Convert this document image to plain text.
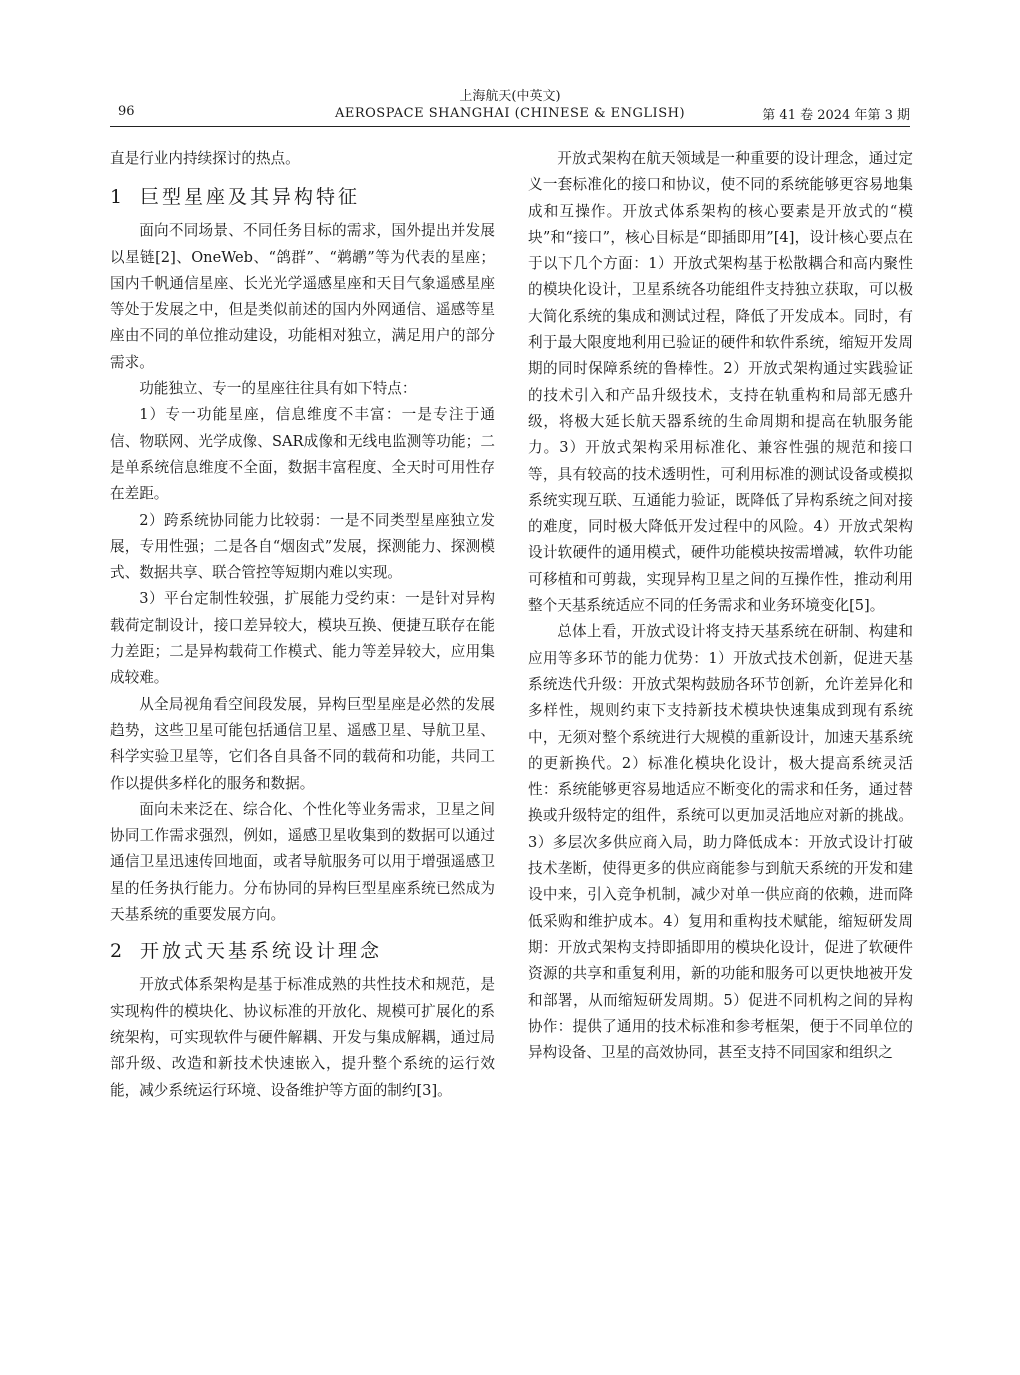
96
上海航天(中英文)
AEROSPACE SHANGHAI (CHINESE & ENGLISH)	第 41 卷 2024 年第 3 期

直是行业内持续探讨的热点。

1 巨型星座及其异构特征

面向不同场景、不同任务目标的需求，国外提出并发展以星链[2]、OneWeb、“鸽群”、“鹈鹕”等为代表的星座；国内千帆通信星座、长光光学遥感星座和天目气象遥感星座等处于发展之中，但是类似前述的国内外网通信、遥感等星座由不同的单位推动建设，功能相对独立，满足用户的部分需求。

功能独立、专一的星座往往具有如下特点：

1）专一功能星座，信息维度不丰富：一是专注于通信、物联网、光学成像、SAR成像和无线电监测等功能；二是单系统信息维度不全面，数据丰富程度、全天时可用性存在差距。

2）跨系统协同能力比较弱：一是不同类型星座独立发展，专用性强；二是各自“烟囱式”发展，探测能力、探测模式、数据共享、联合管控等短期内难以实现。

3）平台定制性较强，扩展能力受约束：一是针对异构载荷定制设计，接口差异较大，模块互换、便捷互联存在能力差距；二是异构载荷工作模式、能力等差异较大，应用集成较难。

从全局视角看空间段发展，异构巨型星座是必然的发展趋势，这些卫星可能包括通信卫星、遥感卫星、导航卫星、科学实验卫星等，它们各自具备不同的载荷和功能，共同工作以提供多样化的服务和数据。

面向未来泛在、综合化、个性化等业务需求，卫星之间协同工作需求强烈，例如，遥感卫星收集到的数据可以通过通信卫星迅速传回地面，或者导航服务可以用于增强遥感卫星的任务执行能力。分布协同的异构巨型星座系统已然成为天基系统的重要发展方向。

2 开放式天基系统设计理念

开放式体系架构是基于标准成熟的共性技术和规范，是实现构件的模块化、协议标准的开放化、规模可扩展化的系统架构，可实现软件与硬件解耦、开发与集成解耦，通过局部升级、改造和新技术快速嵌入，提升整个系统的运行效能，减少系统运行环境、设备维护等方面的制约[3]。

开放式架构在航天领域是一种重要的设计理念，通过定义一套标准化的接口和协议，使不同的系统能够更容易地集成和互操作。开放式体系架构的核心要素是开放式的“模块”和“接口”，核心目标是“即插即用”[4]，设计核心要点在于以下几个方面：1）开放式架构基于松散耦合和高内聚性的模块化设计，卫星系统各功能组件支持独立获取，可以极大简化系统的集成和测试过程，降低了开发成本。同时，有利于最大限度地利用已验证的硬件和软件系统，缩短开发周期的同时保障系统的鲁棒性。2）开放式架构通过实践验证的技术引入和产品升级技术，支持在轨重构和局部无感升级，将极大延长航天器系统的生命周期和提高在轨服务能力。3）开放式架构采用标准化、兼容性强的规范和接口等，具有较高的技术透明性，可利用标准的测试设备或模拟系统实现互联、互通能力验证，既降低了异构系统之间对接的难度，同时极大降低开发过程中的风险。4）开放式架构设计软硬件的通用模式，硬件功能模块按需增减，软件功能可移植和可剪裁，实现异构卫星之间的互操作性，推动利用整个天基系统适应不同的任务需求和业务环境变化[5]。

总体上看，开放式设计将支持天基系统在研制、构建和应用等多环节的能力优势：1）开放式技术创新，促进天基系统迭代升级：开放式架构鼓励各环节创新，允许差异化和多样性，规则约束下支持新技术模块快速集成到现有系统中，无须对整个系统进行大规模的重新设计，加速天基系统的更新换代。2）标准化模块化设计，极大提高系统灵活性：系统能够更容易地适应不断变化的需求和任务，通过替换或升级特定的组件，系统可以更加灵活地应对新的挑战。3）多层次多供应商入局，助力降低成本：开放式设计打破技术垄断，使得更多的供应商能参与到航天系统的开发和建设中来，引入竞争机制，减少对单一供应商的依赖，进而降低采购和维护成本。4）复用和重构技术赋能，缩短研发周期：开放式架构支持即插即用的模块化设计，促进了软硬件资源的共享和重复利用，新的功能和服务可以更快地被开发和部署，从而缩短研发周期。5）促进不同机构之间的异构协作：提供了通用的技术标准和参考框架，便于不同单位的异构设备、卫星的高效协同，甚至支持不同国家和组织之
